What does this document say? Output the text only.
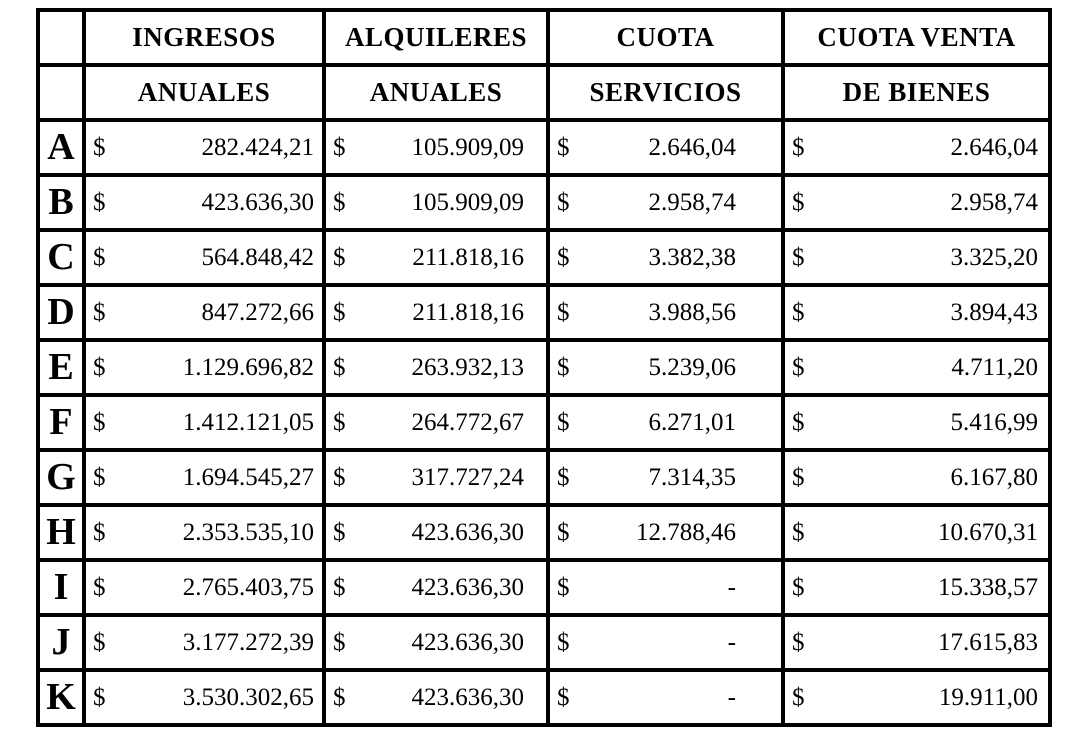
	INGRESOS	ALQUILERES	CUOTA	CUOTA VENTA
	ANUALES	ANUALES	SERVICIOS	DE BIENES
A	$ 282.424,21	$ 105.909,09	$ 2.646,04	$ 2.646,04

B	$ 423.636,30	$ 105.909,09	$ 2.958,74	$ 2.958,74

C	$ 564.848,42	$ 211.818,16	$ 3.382,38	$ 3.325,20

D	$ 847.272,66	$ 211.818,16	$ 3.988,56	$ 3.894,43

E	$ 1.129.696,82	$ 263.932,13	$ 5.239,06	$ 4.711,20

F	$ 1.412.121,05	$ 264.772,67	$ 6.271,01	$ 5.416,99

G	$ 1.694.545,27	$ 317.727,24	$ 7.314,35	$ 6.167,80

H	$ 2.353.535,10	$ 423.636,30	$ 12.788,46	$ 10.670,31

I	$ 2.765.403,75	$ 423.636,30	$ -	$ 15.338,57

J	$ 3.177.272,39	$ 423.636,30	$ -	$ 17.615,83

K	$ 3.530.302,65	$ 423.636,30	$ -	$ 19.911,00
